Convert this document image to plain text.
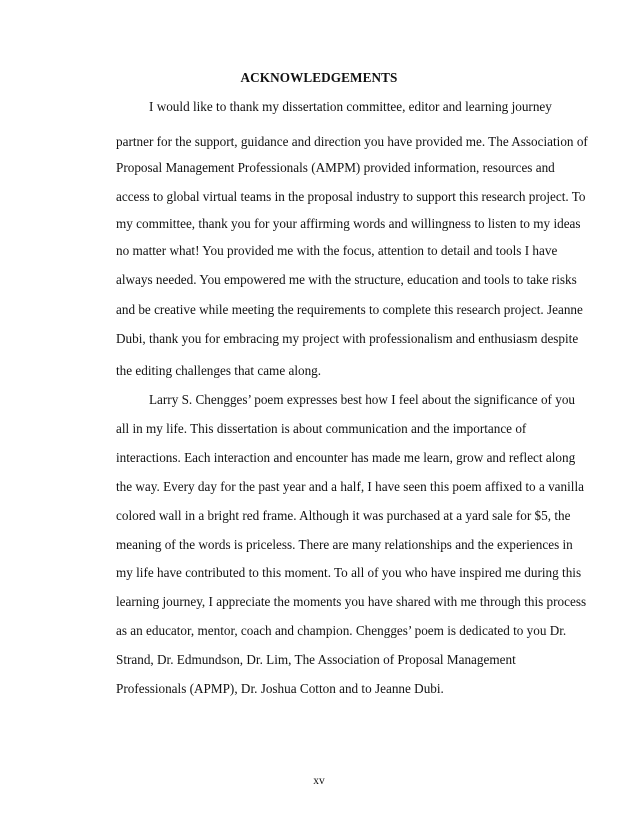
ACKNOWLEDGEMENTS
I would like to thank my dissertation committee, editor and learning journey
partner for the support, guidance and direction you have provided me. The Association of
Proposal Management Professionals (AMPM) provided information, resources and
access to global virtual teams in the proposal industry to support this research project. To
my committee, thank you for your affirming words and willingness to listen to my ideas
no matter what! You provided me with the focus, attention to detail and tools I have
always needed. You empowered me with the structure, education and tools to take risks
and be creative while meeting the requirements to complete this research project. Jeanne
Dubi, thank you for embracing my project with professionalism and enthusiasm despite
the editing challenges that came along.
Larry S. Chengges’ poem expresses best how I feel about the significance of you
all in my life. This dissertation is about communication and the importance of
interactions. Each interaction and encounter has made me learn, grow and reflect along
the way. Every day for the past year and a half, I have seen this poem affixed to a vanilla
colored wall in a bright red frame. Although it was purchased at a yard sale for $5, the
meaning of the words is priceless. There are many relationships and the experiences in
my life have contributed to this moment. To all of you who have inspired me during this
learning journey, I appreciate the moments you have shared with me through this process
as an educator, mentor, coach and champion. Chengges’ poem is dedicated to you Dr.
Strand, Dr. Edmundson, Dr. Lim, The Association of Proposal Management
Professionals (APMP), Dr. Joshua Cotton and to Jeanne Dubi.
xv
